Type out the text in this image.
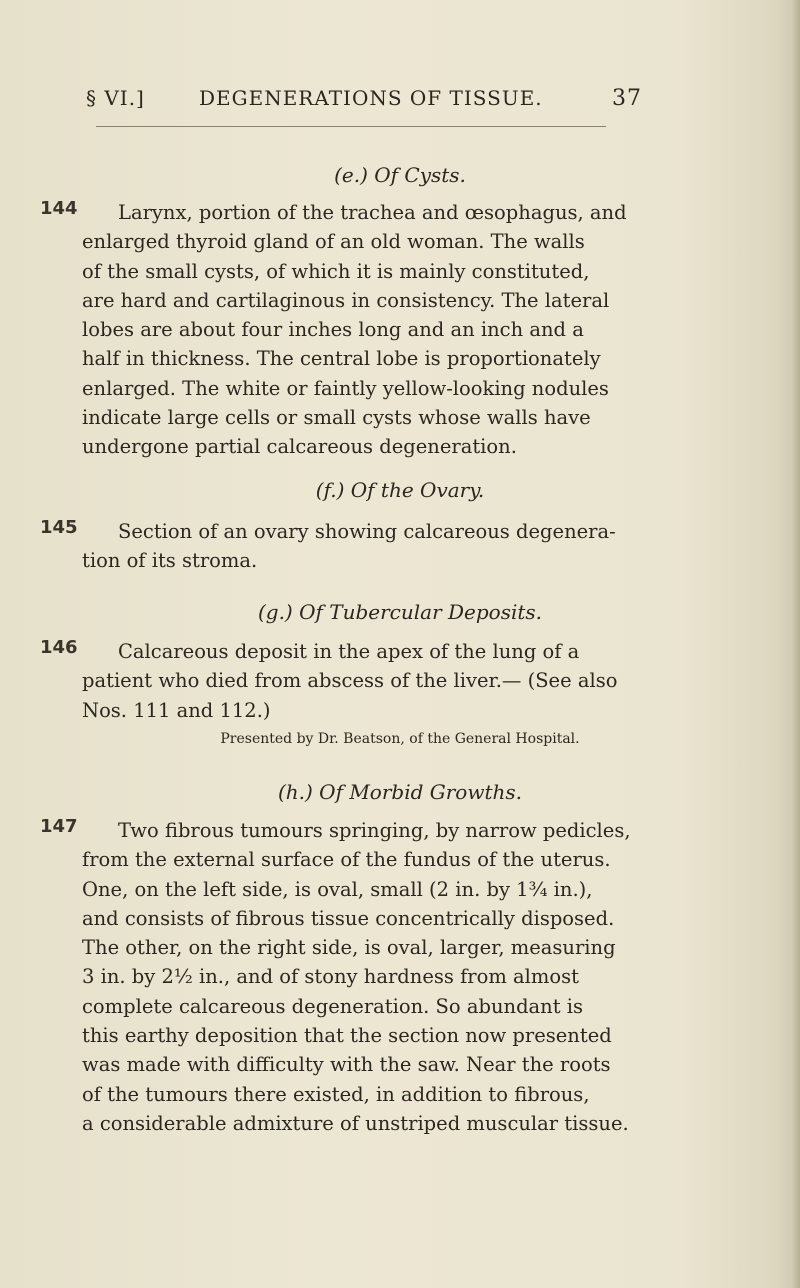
§ VI.]	DEGENERATIONS OF TISSUE.	37
(e.) Of Cysts.
144	Larynx, portion of the trachea and œsophagus, and
enlarged thyroid gland of an old woman. The walls
of the small cysts, of which it is mainly constituted,
are hard and cartilaginous in consistency. The lateral
lobes are about four inches long and an inch and a
half in thickness. The central lobe is proportionately
enlarged. The white or faintly yellow-looking nodules
indicate large cells or small cysts whose walls have
undergone partial calcareous degeneration.
(f.) Of the Ovary.
145	Section of an ovary showing calcareous degenera-
tion of its stroma.
(g.) Of Tubercular Deposits.
146	Calcareous deposit in the apex of the lung of a
patient who died from abscess of the liver.— (See also
Nos. 111 and 112.)
Presented by Dr. Beatson, of the General Hospital.
(h.) Of Morbid Growths.
147	Two fibrous tumours springing, by narrow pedicles,
from the external surface of the fundus of the uterus.
One, on the left side, is oval, small (2 in. by 1¾ in.),
and consists of fibrous tissue concentrically disposed.
The other, on the right side, is oval, larger, measuring
3 in. by 2½ in., and of stony hardness from almost
complete calcareous degeneration. So abundant is
this earthy deposition that the section now presented
was made with difficulty with the saw. Near the roots
of the tumours there existed, in addition to fibrous,
a considerable admixture of unstriped muscular tissue.
